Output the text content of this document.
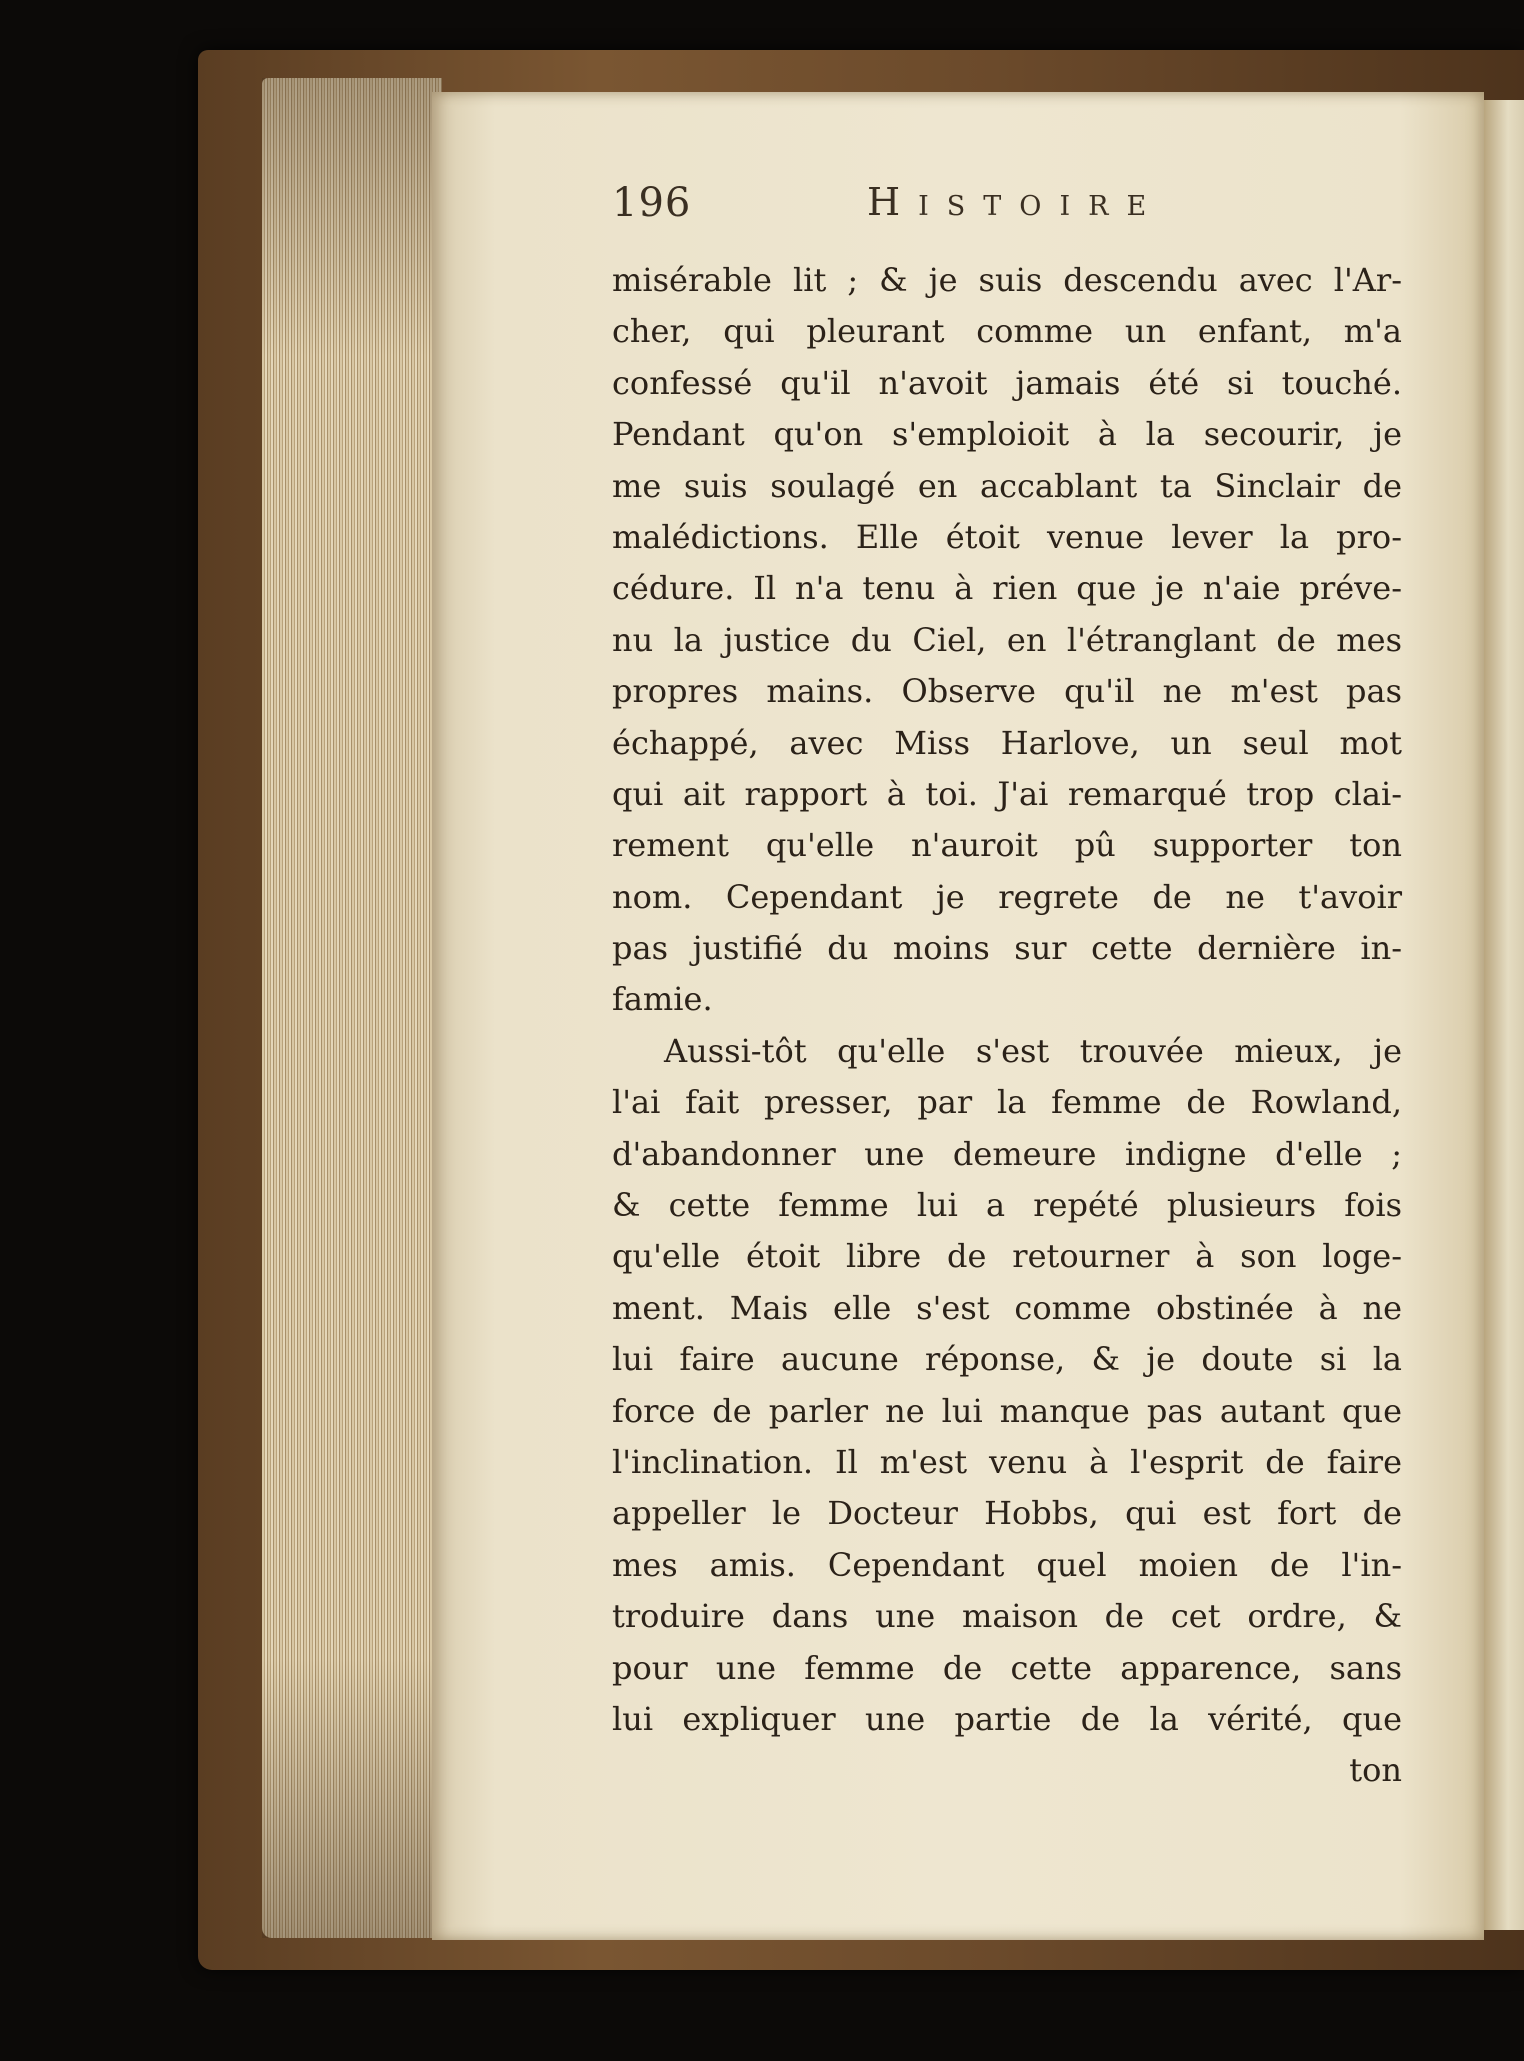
196	Histoire
misérable lit ; & je suis descendu avec l'Ar-
cher, qui pleurant comme un enfant, m'a
confessé qu'il n'avoit jamais été si touché.
Pendant qu'on s'emploioit à la secourir, je
me suis soulagé en accablant ta Sinclair de
malédictions. Elle étoit venue lever la pro-
cédure. Il n'a tenu à rien que je n'aie préve-
nu la justice du Ciel, en l'étranglant de mes
propres mains. Observe qu'il ne m'est pas
échappé, avec Miss Harlove, un seul mot
qui ait rapport à toi. J'ai remarqué trop clai-
rement qu'elle n'auroit pû supporter ton
nom. Cependant je regrete de ne t'avoir
pas justifié du moins sur cette dernière in-
famie.
Aussi-tôt qu'elle s'est trouvée mieux, je
l'ai fait presser, par la femme de Rowland,
d'abandonner une demeure indigne d'elle ;
& cette femme lui a repété plusieurs fois
qu'elle étoit libre de retourner à son loge-
ment. Mais elle s'est comme obstinée à ne
lui faire aucune réponse, & je doute si la
force de parler ne lui manque pas autant que
l'inclination. Il m'est venu à l'esprit de faire
appeller le Docteur Hobbs, qui est fort de
mes amis. Cependant quel moien de l'in-
troduire dans une maison de cet ordre, &
pour une femme de cette apparence, sans
lui expliquer une partie de la vérité, que
ton
